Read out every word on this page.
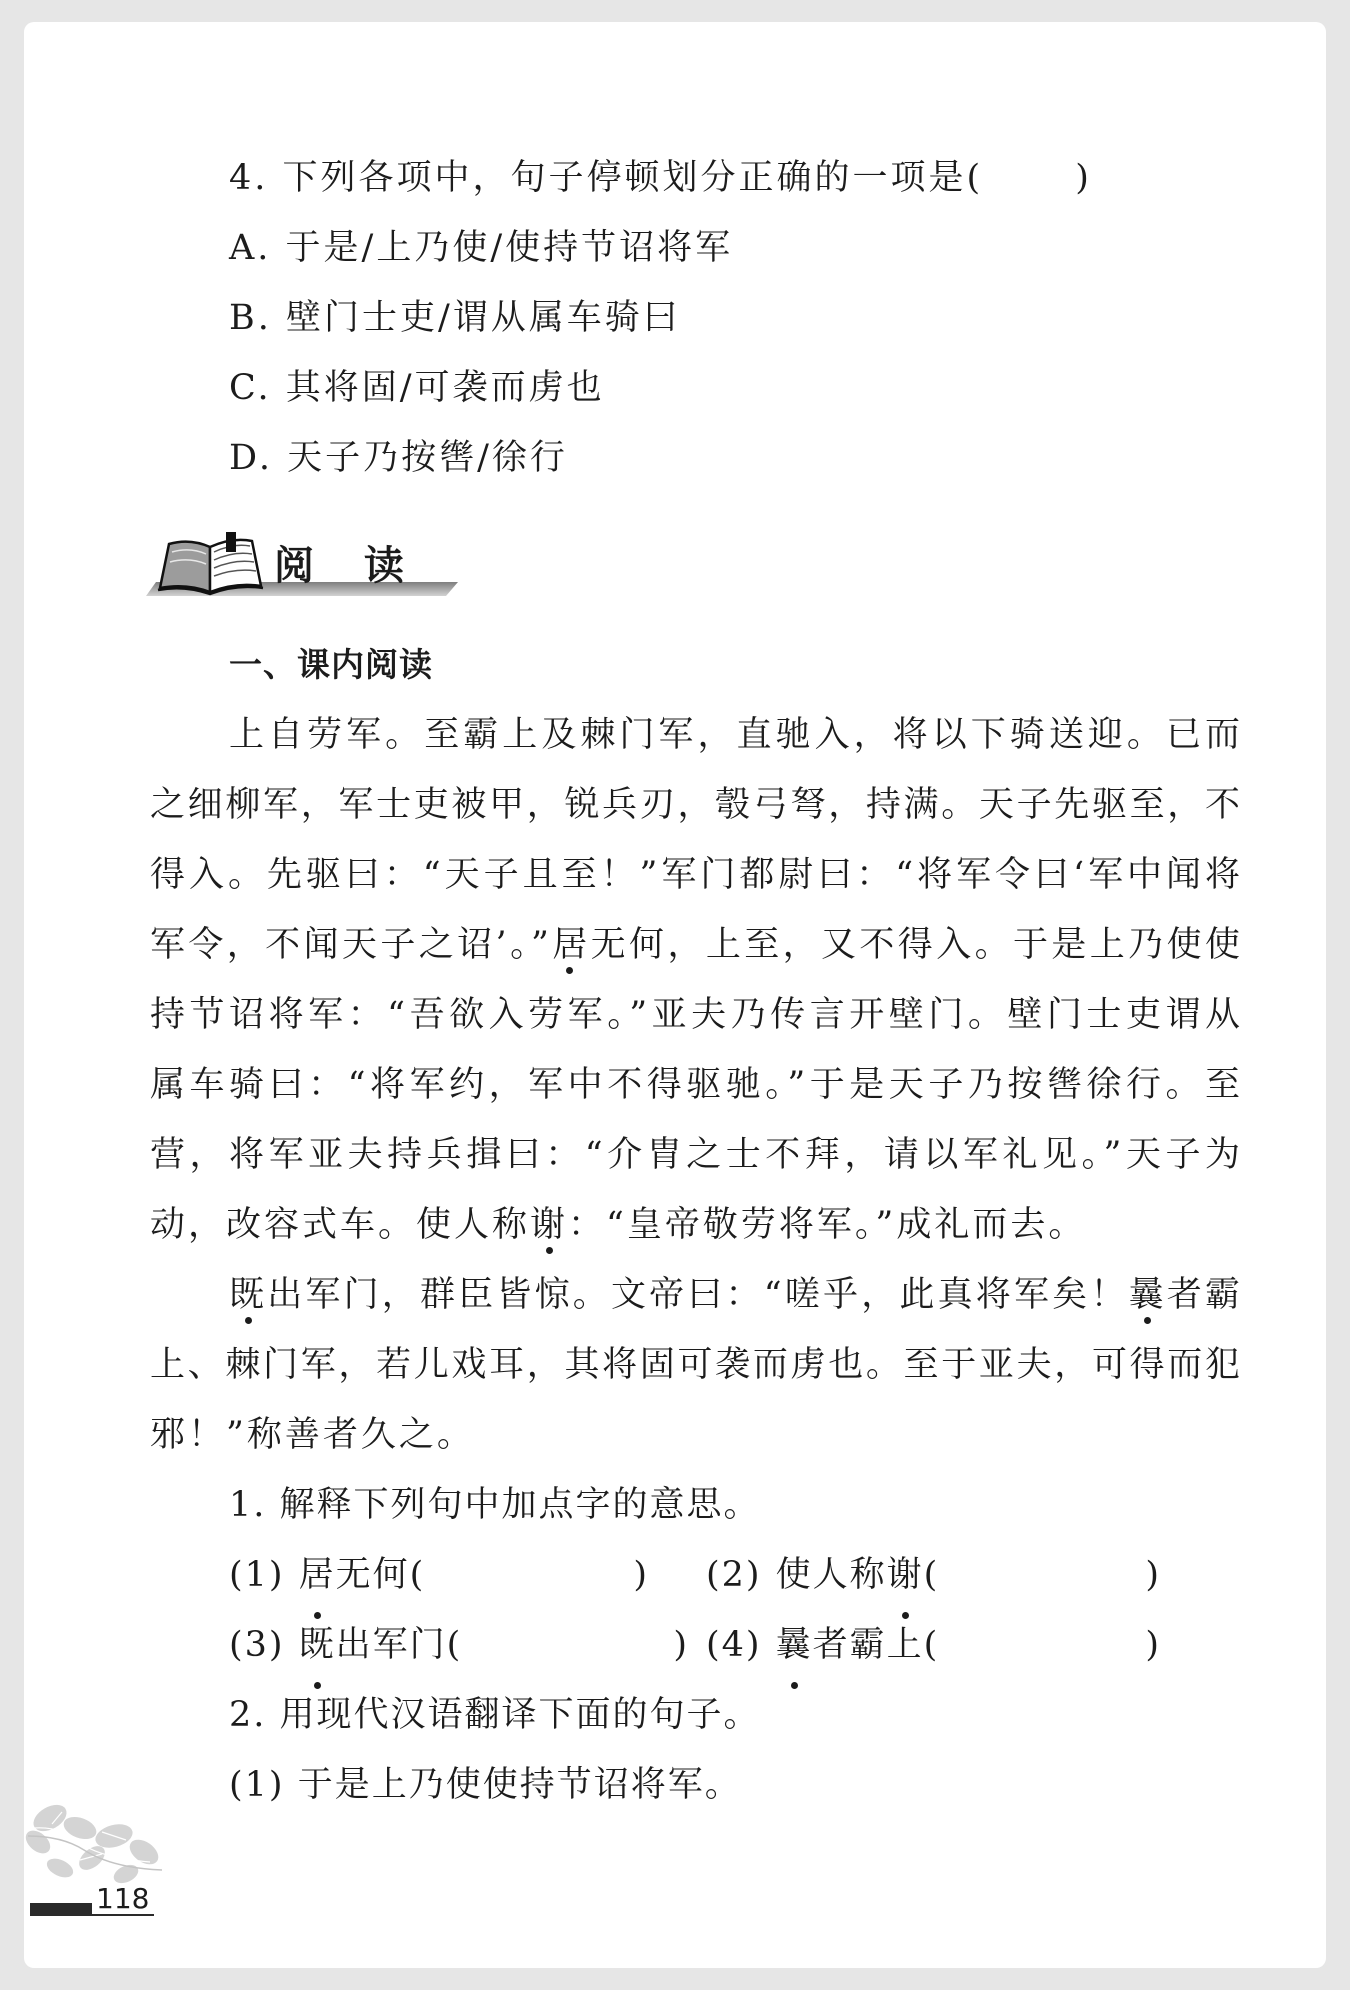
4. 下列各项中，句子停顿划分正确的一项是(	)
A. 于是/上乃使/使持节诏将军
B. 壁门士吏/谓从属车骑曰
C. 其将固/可袭而虏也
D. 天子乃按辔/徐行
阅 读
一、课内阅读
上自劳军。至霸上及棘门军，直驰入，将以下骑送迎。已而
之细柳军，军士吏被甲，锐兵刃，彀弓弩，持满。天子先驱至，不
得入。先驱曰：“天子且至！”军门都尉曰：“将军令曰‘军中闻将
军令，不闻天子之诏’。”居无何，上至，又不得入。于是上乃使使
持节诏将军：“吾欲入劳军。”亚夫乃传言开壁门。壁门士吏谓从
属车骑曰：“将军约，军中不得驱驰。”于是天子乃按辔徐行。至
营，将军亚夫持兵揖曰：“介胄之士不拜，请以军礼见。”天子为
动，改容式车。使人称谢：“皇帝敬劳将军。”成礼而去。
既出军门，群臣皆惊。文帝曰：“嗟乎，此真将军矣！曩者霸
上、棘门军，若儿戏耳，其将固可袭而虏也。至于亚夫，可得而犯
邪！”称善者久之。
1. 解释下列句中加点字的意思。
(1) 居 无何 (	) (2) 使人称 谢 (	)
(3) 既 出军门 (	) (4) 曩 者霸上 (	)
2. 用现代汉语翻译下面的句子。
(1) 于是上乃使使持节诏将军。
118
